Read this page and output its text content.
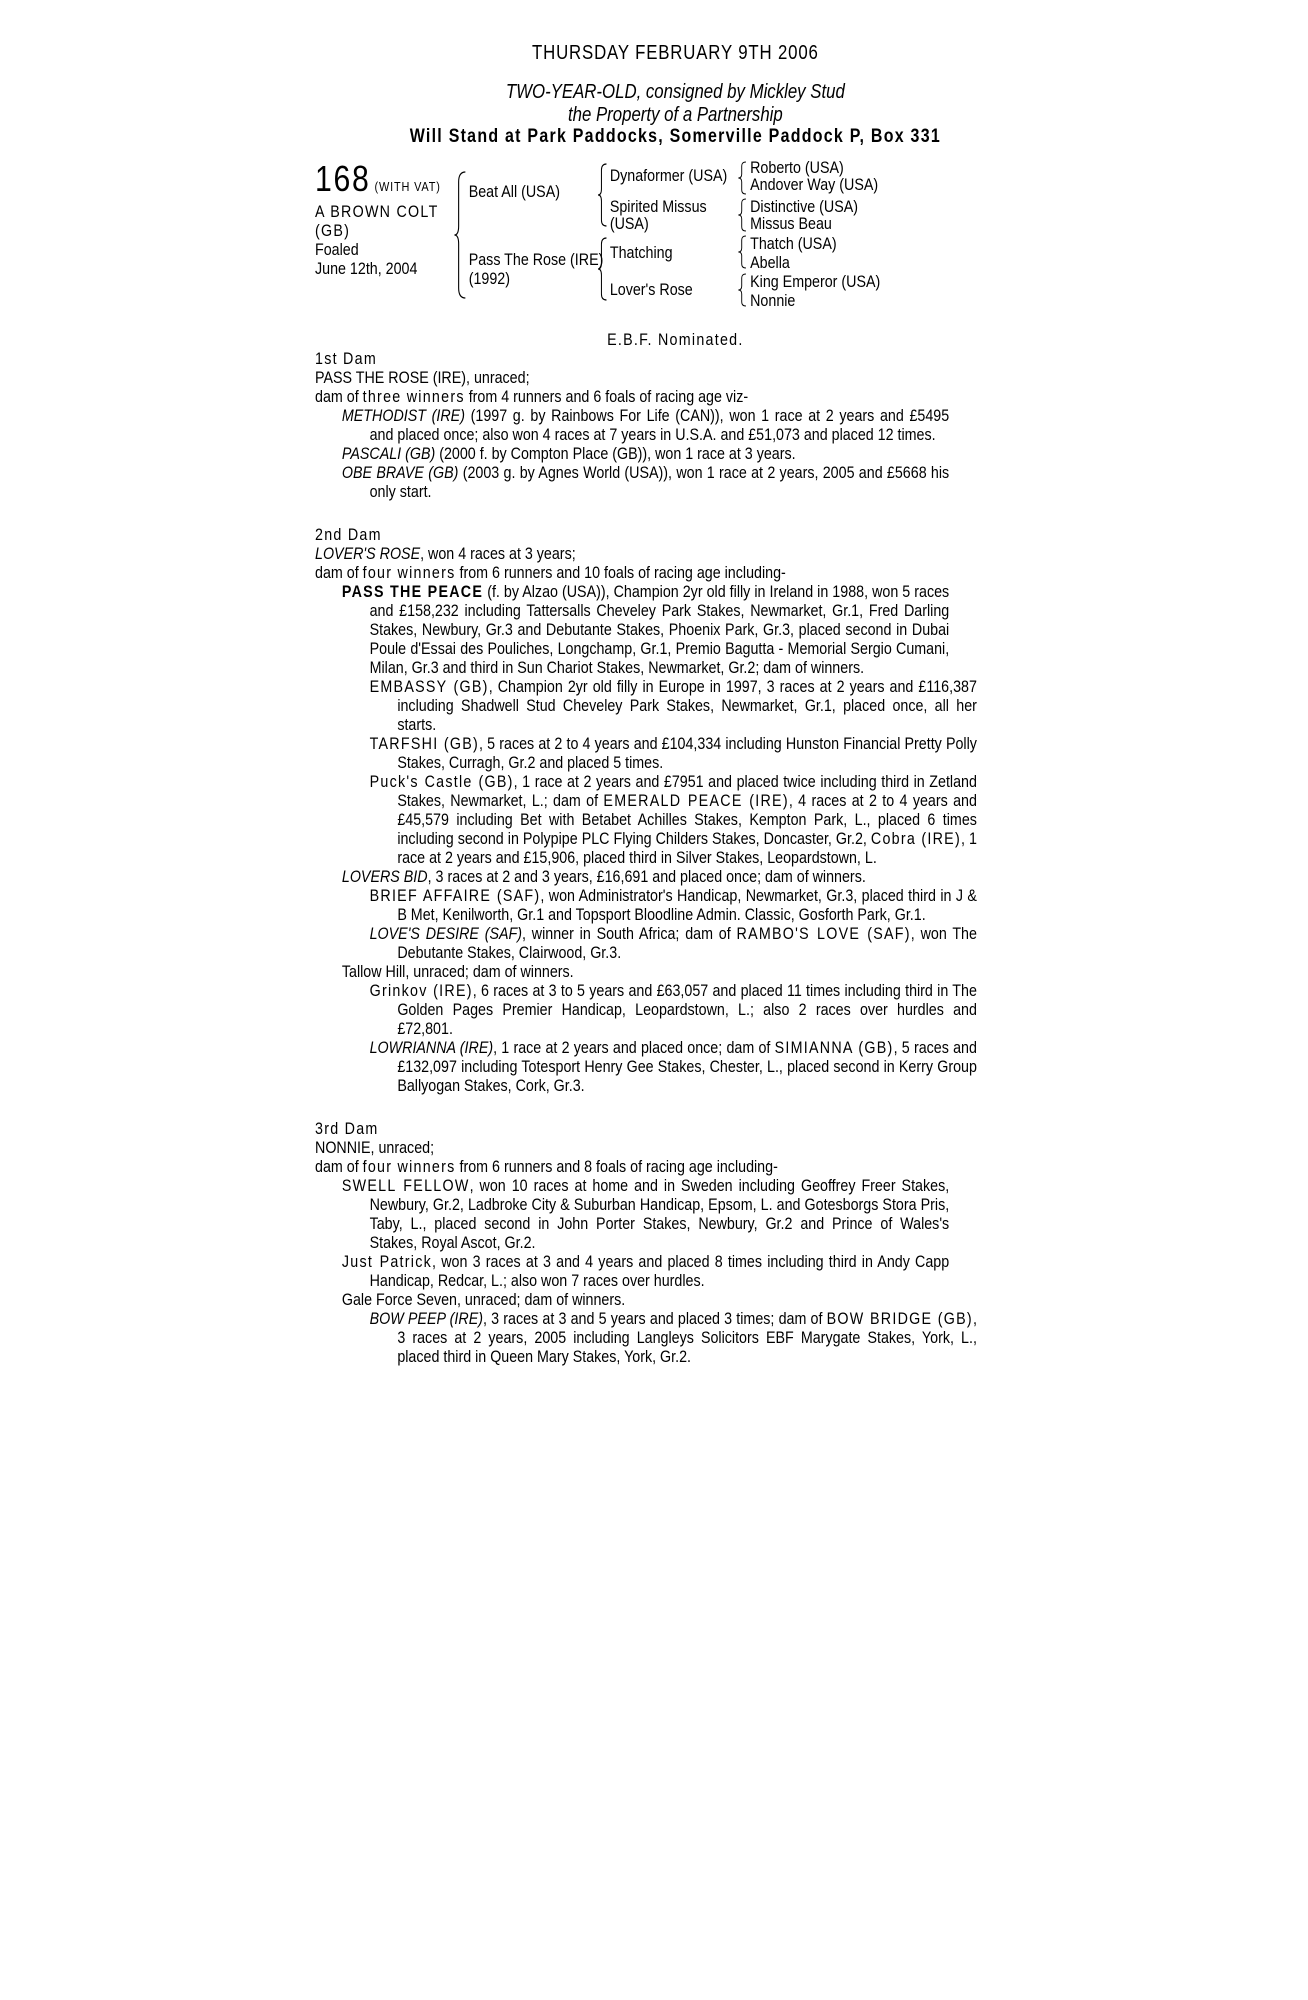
THURSDAY FEBRUARY 9TH 2006
TWO-YEAR-OLD, consigned by Mickley Stud
the Property of a Partnership
Will Stand at Park Paddocks, Somerville Paddock P, Box 331
168 (WITH VAT)
A BROWN COLT
(GB)
Foaled
June 12th, 2004
Beat All (USA)
Pass The Rose (IRE)
(1992)
Dynaformer (USA)
Spirited Missus
(USA)
Thatching
Lover's Rose
Roberto (USA)
Andover Way (USA)
Distinctive (USA)
Missus Beau
Thatch (USA)
Abella
King Emperor (USA)
Nonnie
E.B.F. Nominated.
1st Dam
PASS THE ROSE (IRE), unraced;
dam of three winners from 4 runners and 6 foals of racing age viz-
METHODIST (IRE) (1997 g. by Rainbows For Life (CAN)), won 1 race at 2 years and £5495 and placed once; also won 4 races at 7 years in U.S.A. and £51,073 and placed 12 times.
PASCALI (GB) (2000 f. by Compton Place (GB)), won 1 race at 3 years.
OBE BRAVE (GB) (2003 g. by Agnes World (USA)), won 1 race at 2 years, 2005 and £5668 his only start.
2nd Dam
LOVER'S ROSE, won 4 races at 3 years;
dam of four winners from 6 runners and 10 foals of racing age including-
PASS THE PEACE (f. by Alzao (USA)), Champion 2yr old filly in Ireland in 1988, won 5 races and £158,232 including Tattersalls Cheveley Park Stakes, Newmarket, Gr.1, Fred Darling Stakes, Newbury, Gr.3 and Debutante Stakes, Phoenix Park, Gr.3, placed second in Dubai Poule d'Essai des Pouliches, Longchamp, Gr.1, Premio Bagutta - Memorial Sergio Cumani, Milan, Gr.3 and third in Sun Chariot Stakes, Newmarket, Gr.2; dam of winners.
EMBASSY (GB), Champion 2yr old filly in Europe in 1997, 3 races at 2 years and £116,387 including Shadwell Stud Cheveley Park Stakes, Newmarket, Gr.1, placed once, all her starts.
TARFSHI (GB), 5 races at 2 to 4 years and £104,334 including Hunston Financial Pretty Polly Stakes, Curragh, Gr.2 and placed 5 times.
Puck's Castle (GB), 1 race at 2 years and £7951 and placed twice including third in Zetland Stakes, Newmarket, L.; dam of EMERALD PEACE (IRE), 4 races at 2 to 4 years and £45,579 including Bet with Betabet Achilles Stakes, Kempton Park, L., placed 6 times including second in Polypipe PLC Flying Childers Stakes, Doncaster, Gr.2, Cobra (IRE), 1 race at 2 years and £15,906, placed third in Silver Stakes, Leopardstown, L.
LOVERS BID, 3 races at 2 and 3 years, £16,691 and placed once; dam of winners.
BRIEF AFFAIRE (SAF), won Administrator's Handicap, Newmarket, Gr.3, placed third in J & B Met, Kenilworth, Gr.1 and Topsport Bloodline Admin. Classic, Gosforth Park, Gr.1.
LOVE'S DESIRE (SAF), winner in South Africa; dam of RAMBO'S LOVE (SAF), won The Debutante Stakes, Clairwood, Gr.3.
Tallow Hill, unraced; dam of winners.
Grinkov (IRE), 6 races at 3 to 5 years and £63,057 and placed 11 times including third in The Golden Pages Premier Handicap, Leopardstown, L.; also 2 races over hurdles and £72,801.
LOWRIANNA (IRE), 1 race at 2 years and placed once; dam of SIMIANNA (GB), 5 races and £132,097 including Totesport Henry Gee Stakes, Chester, L., placed second in Kerry Group Ballyogan Stakes, Cork, Gr.3.
3rd Dam
NONNIE, unraced;
dam of four winners from 6 runners and 8 foals of racing age including-
SWELL FELLOW, won 10 races at home and in Sweden including Geoffrey Freer Stakes, Newbury, Gr.2, Ladbroke City & Suburban Handicap, Epsom, L. and Gotesborgs Stora Pris, Taby, L., placed second in John Porter Stakes, Newbury, Gr.2 and Prince of Wales's Stakes, Royal Ascot, Gr.2.
Just Patrick, won 3 races at 3 and 4 years and placed 8 times including third in Andy Capp Handicap, Redcar, L.; also won 7 races over hurdles.
Gale Force Seven, unraced; dam of winners.
BOW PEEP (IRE), 3 races at 3 and 5 years and placed 3 times; dam of BOW BRIDGE (GB), 3 races at 2 years, 2005 including Langleys Solicitors EBF Marygate Stakes, York, L., placed third in Queen Mary Stakes, York, Gr.2.
